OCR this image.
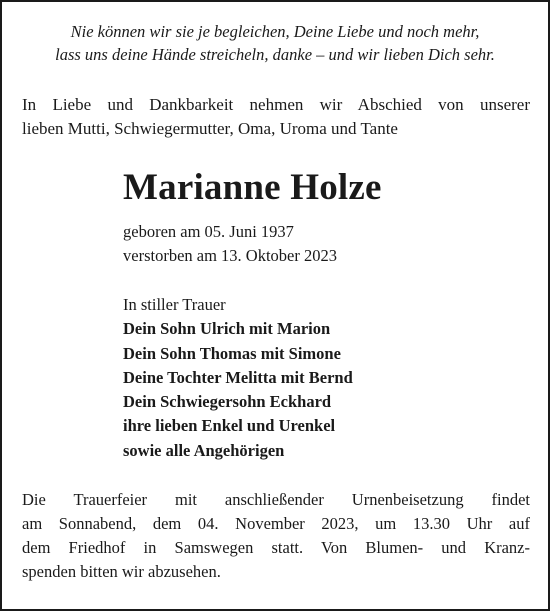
Nie können wir sie je begleichen, Deine Liebe und noch mehr,
lass uns deine Hände streicheln, danke – und wir lieben Dich sehr.
In Liebe und Dankbarkeit nehmen wir Abschied von unserer
lieben Mutti, Schwiegermutter, Oma, Uroma und Tante
Marianne Holze
geboren am 05. Juni 1937
verstorben am 13. Oktober 2023
In stiller Trauer
Dein Sohn Ulrich mit Marion
Dein Sohn Thomas mit Simone
Deine Tochter Melitta mit Bernd
Dein Schwiegersohn Eckhard
ihre lieben Enkel und Urenkel
sowie alle Angehörigen
Die Trauerfeier mit anschließender Urnenbeisetzung findet
am Sonnabend, dem 04. November 2023, um 13.30 Uhr auf
dem Friedhof in Samswegen statt. Von Blumen- und Kranz-
spenden bitten wir abzusehen.
